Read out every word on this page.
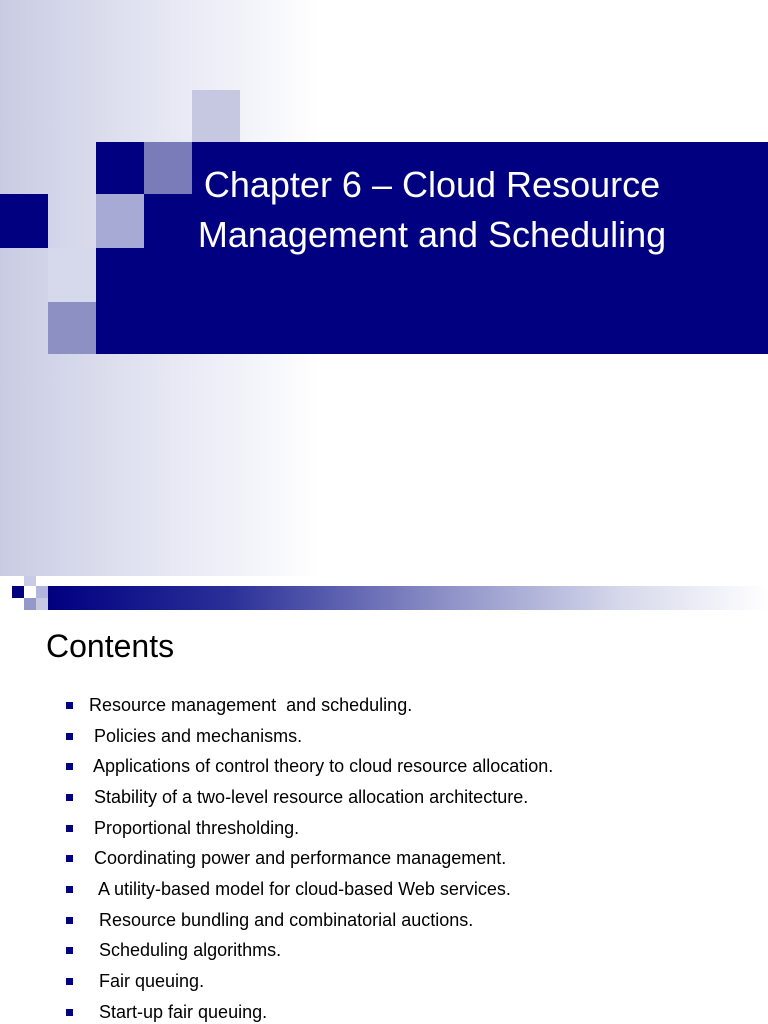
Chapter 6 – Cloud Resource
Management and Scheduling
Contents
Resource management  and scheduling.
Policies and mechanisms.
Applications of control theory to cloud resource allocation.
Stability of a two-level resource allocation architecture.
Proportional thresholding.
Coordinating power and performance management.
A utility-based model for cloud-based Web services.
Resource bundling and combinatorial auctions.
Scheduling algorithms.
Fair queuing.
Start-up fair queuing.
